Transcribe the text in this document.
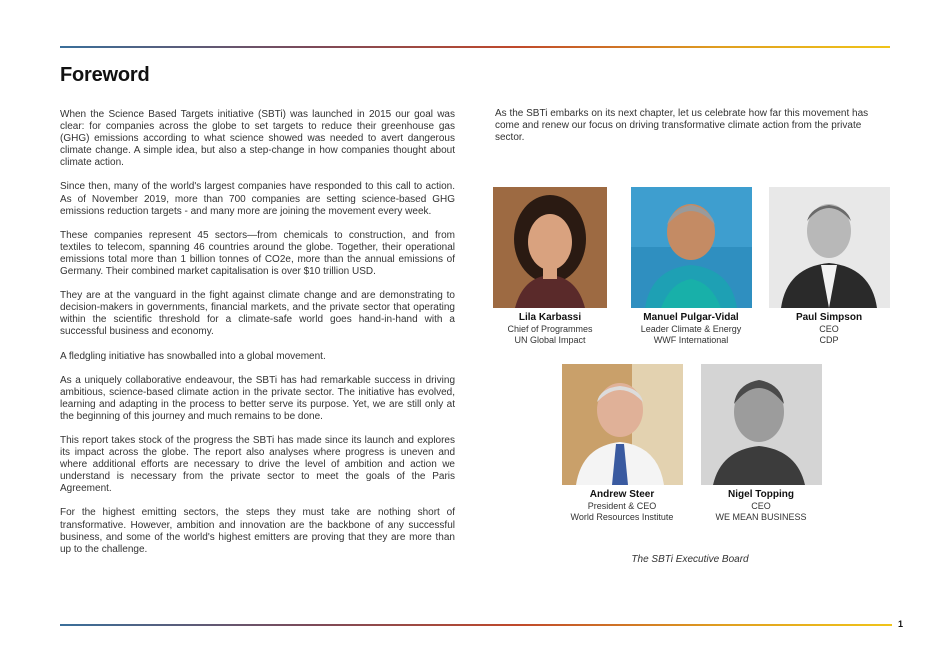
Foreword

When the Science Based Targets initiative (SBTi) was launched in 2015 our goal was clear: for companies across the globe to set targets to reduce their greenhouse gas (GHG) emissions according to what science showed was needed to avert dangerous climate change. A simple idea, but also a step-change in how companies thought about climate action.

Since then, many of the world's largest companies have responded to this call to action. As of November 2019, more than 700 companies are setting science-based GHG emissions reduction targets - and many more are joining the movement every week.

These companies represent 45 sectors—from chemicals to construction, and from textiles to telecom, spanning 46 countries around the globe. Together, their operational emissions total more than 1 billion tonnes of CO2e, more than the annual emissions of Germany. Their combined market capitalisation is over $10 trillion USD.

They are at the vanguard in the fight against climate change and are demonstrating to decision-makers in governments, financial markets, and the private sector that operating within the scientific threshold for a climate-safe world goes hand-in-hand with a successful business and economy.

A fledgling initiative has snowballed into a global movement.

As a uniquely collaborative endeavour, the SBTi has had remarkable success in driving ambitious, science-based climate action in the private sector. The initiative has evolved, learning and adapting in the process to better serve its purpose. Yet, we are still only at the beginning of this journey and much remains to be done.

This report takes stock of the progress the SBTi has made since its launch and explores its impact across the globe. The report also analyses where progress is uneven and where additional efforts are necessary to drive the level of ambition and action we understand is necessary from the private sector to meet the goals of the Paris Agreement.

For the highest emitting sectors, the steps they must take are nothing short of transformative. However, ambition and innovation are the backbone of any successful business, and some of the world's highest emitters are proving that they are more than up to the challenge.

As the SBTi embarks on its next chapter, let us celebrate how far this movement has come and renew our focus on driving transformative climate action from the private sector.

Lila Karbassi
Chief of Programmes
UN Global Impact
Manuel Pulgar-Vidal
Leader Climate & Energy
WWF International
Paul Simpson
CEO
CDP
Andrew Steer
President & CEO
World Resources Institute
Nigel Topping
CEO
WE MEAN BUSINESS
The SBTi Executive Board
1
